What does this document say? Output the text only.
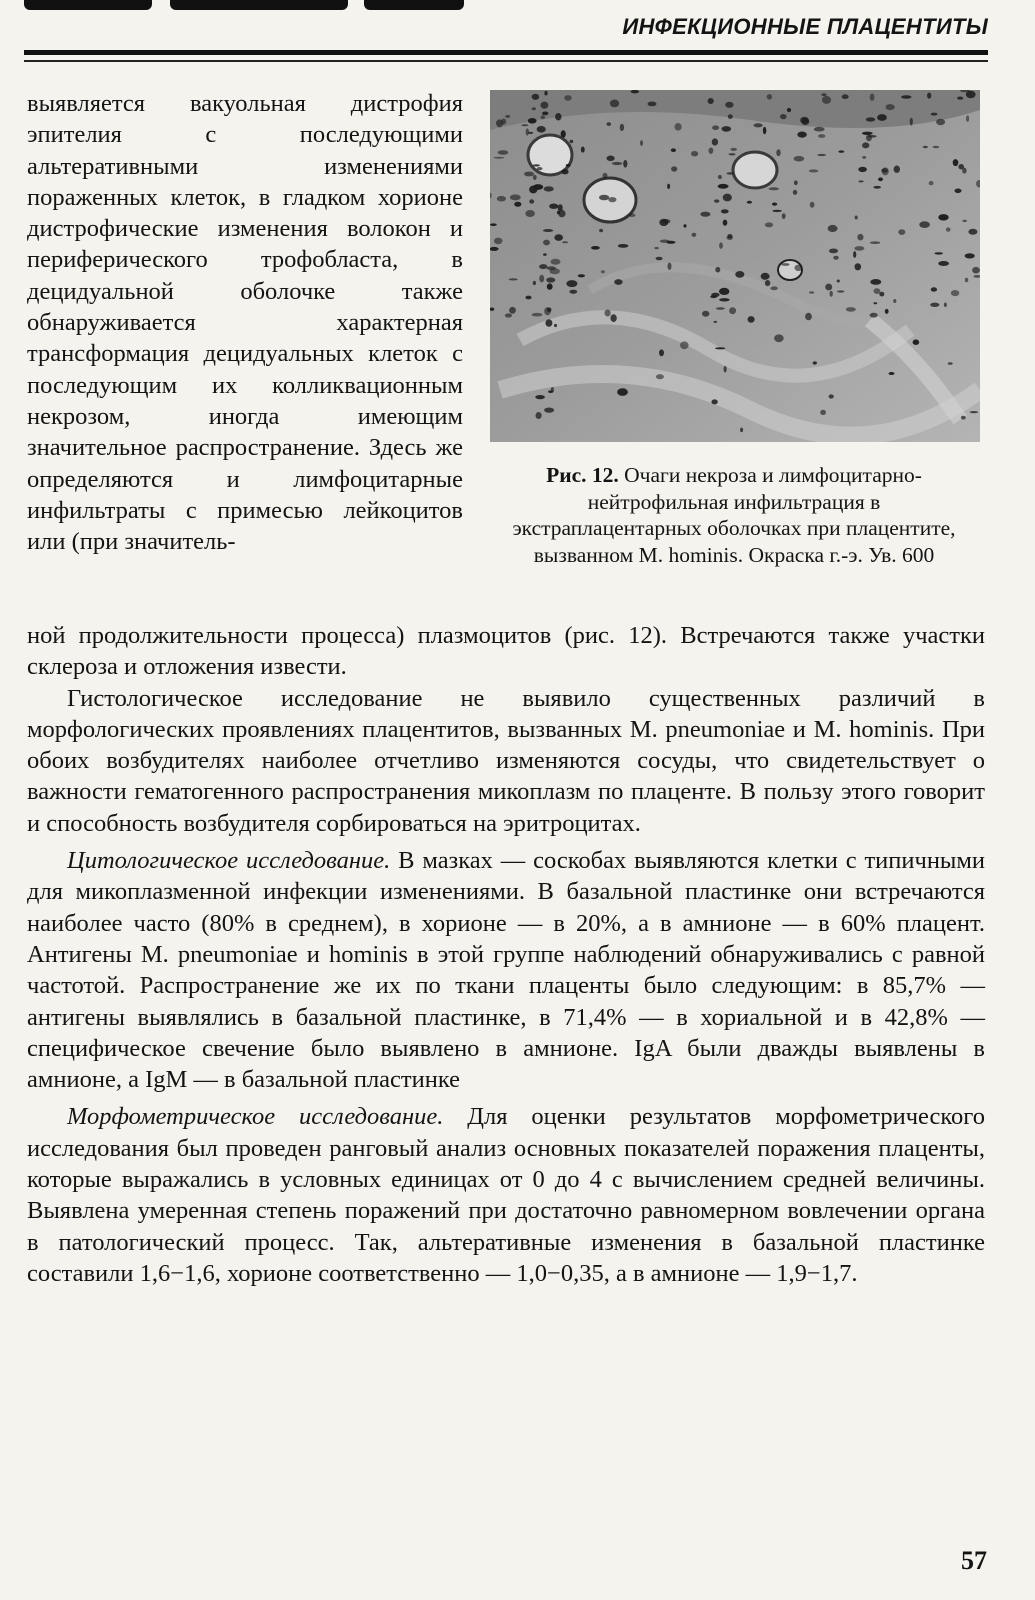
ИНФЕКЦИОННЫЕ ПЛАЦЕНТИТЫ
выявляется вакуольная дистрофия эпителия с последующими альтеративными изменениями пораженных клеток, в гладком хорионе дистрофические изменения волокон и периферического трофобласта, в децидуальной оболочке также обнаруживается характерная трансформация децидуальных клеток с последующим их колликвационным некрозом, иногда имеющим значительное распространение. Здесь же определяются и лимфоцитарные инфильтраты с примесью лейкоцитов или (при значитель-
Рис. 12. Очаги некроза и лимфоцитарно-нейтрофильная инфильтрация в экстраплацентарных оболочках при плацентите, вызванном M. hominis. Окраска г.-э. Ув. 600

ной продолжительности процесса) плазмоцитов (рис. 12). Встречаются также участки склероза и отложения извести.

Гистологическое исследование не выявило существенных различий в морфологических проявлениях плацентитов, вызванных M. pneumoniae и M. hominis. При обоих возбудителях наиболее отчетливо изменяются сосуды, что свидетельствует о важности гематогенного распространения микоплазм по плаценте. В пользу этого говорит и способность возбудителя сорбироваться на эритроцитах.

Цитологическое исследование. В мазках — соскобах выявляются клетки с типичными для микоплазменной инфекции изменениями. В базальной пластинке они встречаются наиболее часто (80% в среднем), в хорионе — в 20%, а в амнионе — в 60% плацент. Антигены M. pneumoniae и hominis в этой группе наблюдений обнаруживались с равной частотой. Распространение же их по ткани плаценты было следующим: в 85,7% — антигены выявлялись в базальной пластинке, в 71,4% — в хориальной и в 42,8% — специфическое свечение было выявлено в амнионе. IgA были дважды выявлены в амнионе, а IgM — в базальной пластинке

Морфометрическое исследование. Для оценки результатов морфометрического исследования был проведен ранговый анализ основных показателей поражения плаценты, которые выражались в условных единицах от 0 до 4 с вычислением средней величины. Выявлена умеренная степень поражений при достаточно равномерном вовлечении органа в патологический процесс. Так, альтеративные изменения в базальной пластинке составили 1,6−1,6, хорионе соответственно — 1,0−0,35, а в амнионе — 1,9−1,7.

57
